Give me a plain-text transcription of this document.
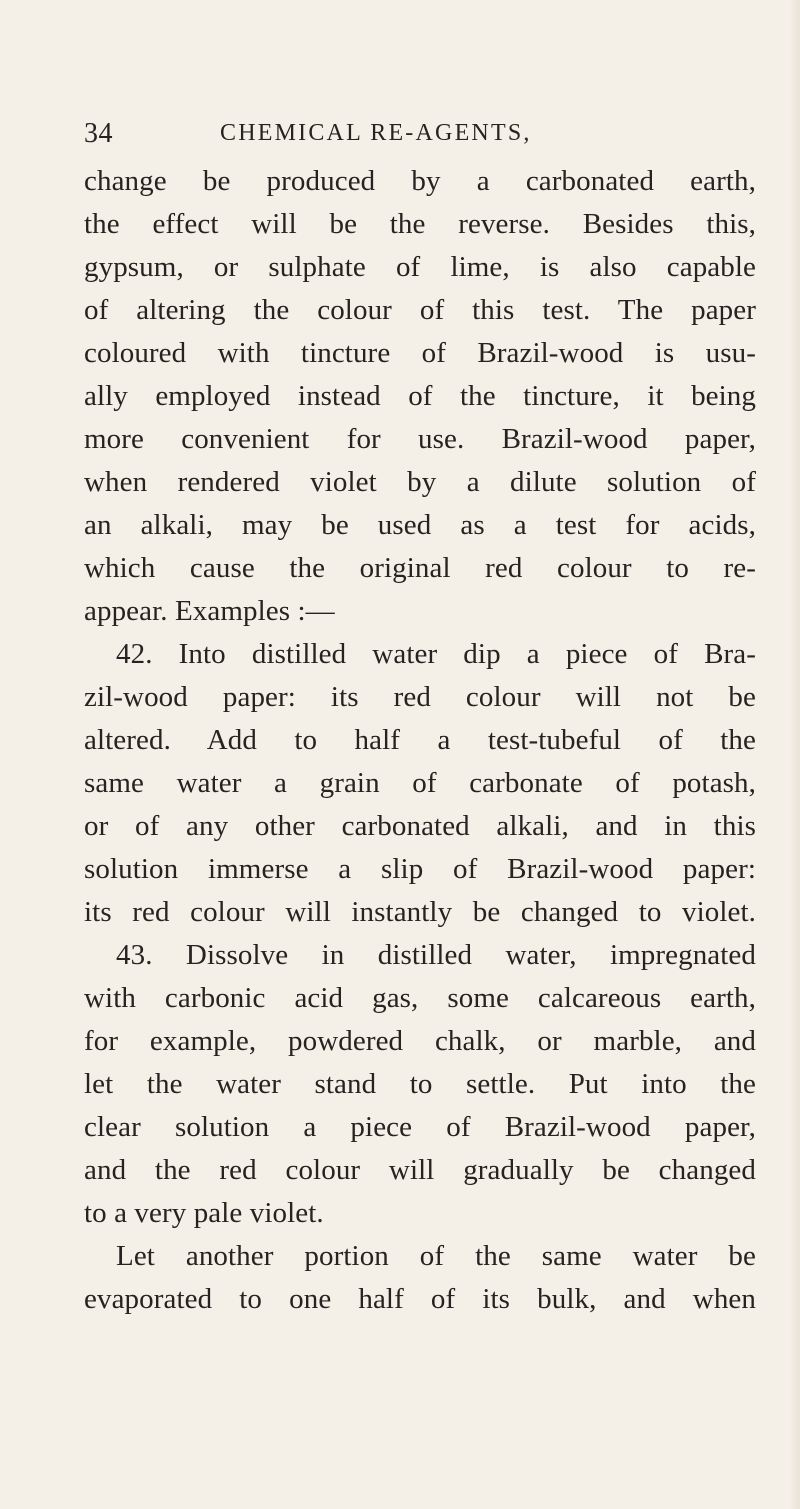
34	CHEMICAL RE-AGENTS,
change be produced by a carbonated earth,
the effect will be the reverse. Besides this,
gypsum, or sulphate of lime, is also capable
of altering the colour of this test. The paper
coloured with tincture of Brazil-wood is usu-
ally employed instead of the tincture, it being
more convenient for use. Brazil-wood paper,
when rendered violet by a dilute solution of
an alkali, may be used as a test for acids,
which cause the original red colour to re-
appear. Examples :—
42. Into distilled water dip a piece of Bra-
zil-wood paper: its red colour will not be
altered. Add to half a test-tubeful of the
same water a grain of carbonate of potash,
or of any other carbonated alkali, and in this
solution immerse a slip of Brazil-wood paper:
its red colour will instantly be changed to violet.
43. Dissolve in distilled water, impregnated
with carbonic acid gas, some calcareous earth,
for example, powdered chalk, or marble, and
let the water stand to settle. Put into the
clear solution a piece of Brazil-wood paper,
and the red colour will gradually be changed
to a very pale violet.
Let another portion of the same water be
evaporated to one half of its bulk, and when
